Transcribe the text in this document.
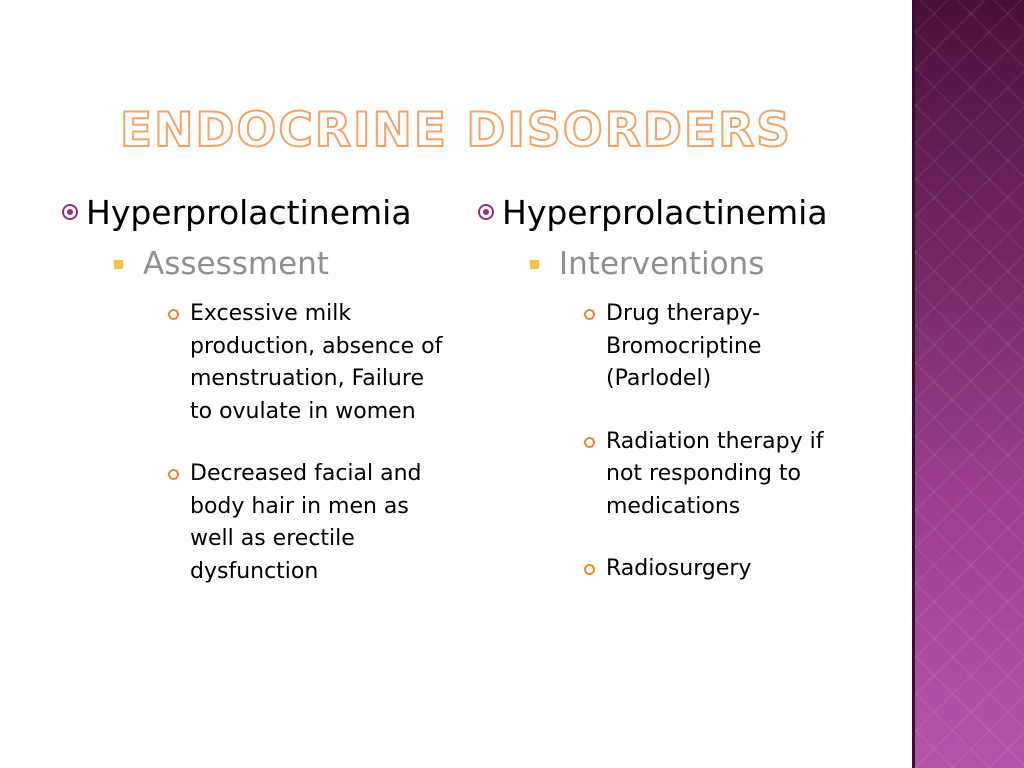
ENDOCRINE DISORDERS
Hyperprolactinemia
Assessment
Excessive milk production, absence of menstruation, Failure to ovulate in women
Decreased facial and body hair in men as well as erectile dysfunction
Hyperprolactinemia
Interventions
Drug therapy- Bromocriptine (Parlodel)
Radiation therapy if not responding to medications
Radiosurgery
